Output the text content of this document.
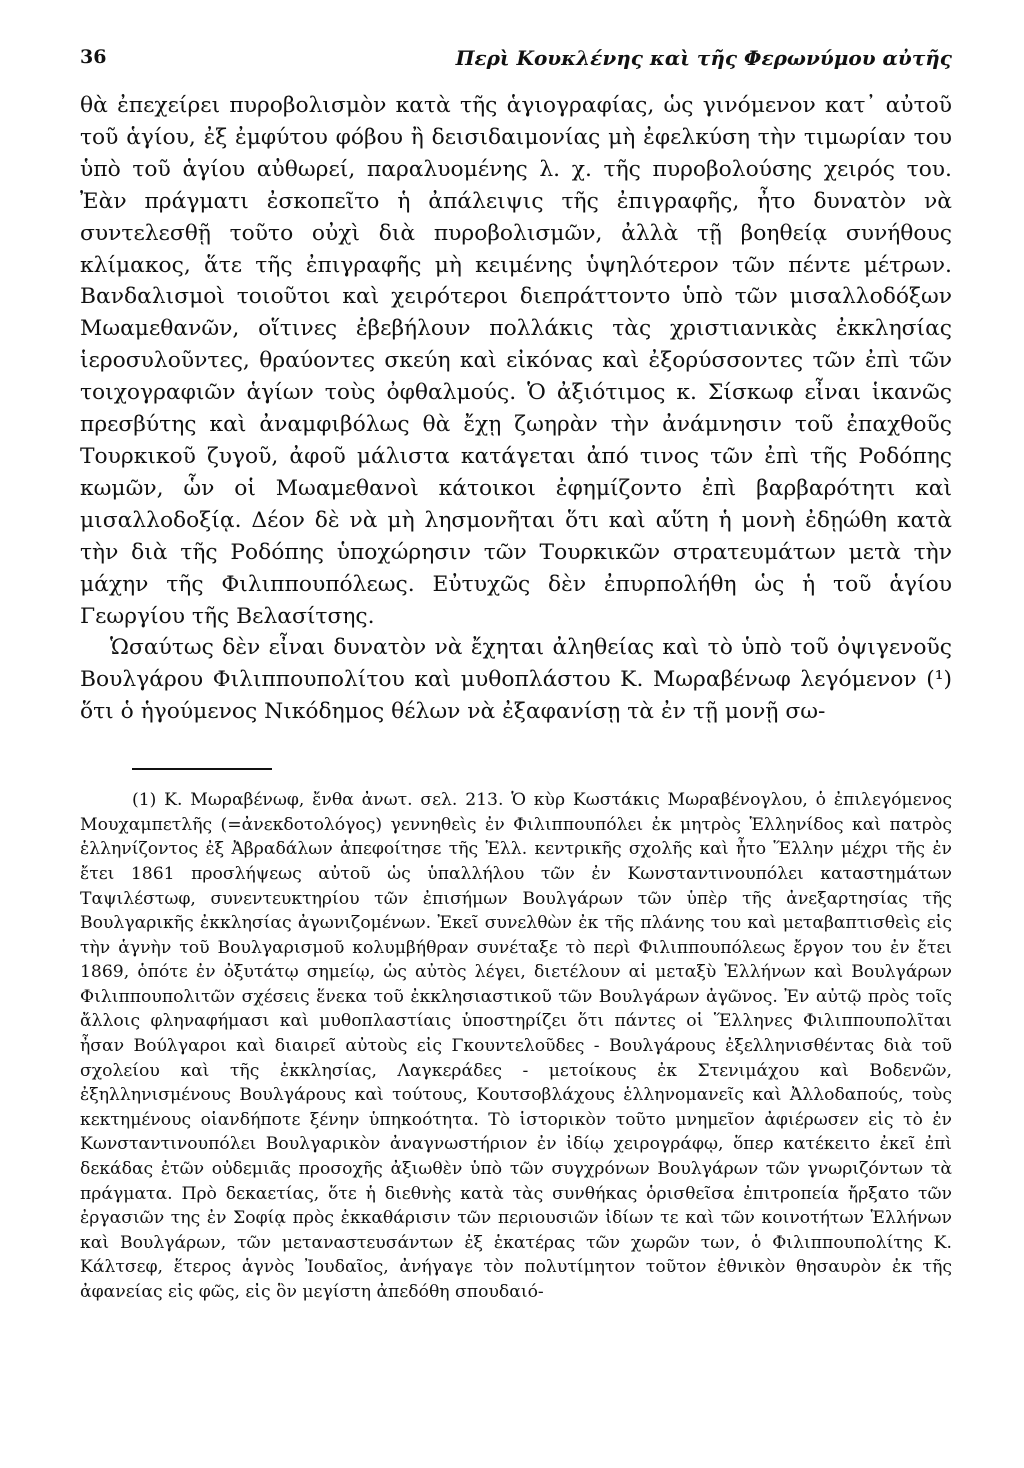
36	Περὶ Κουκλένης καὶ τῆς Φερωνύμου αὐτῆς

θὰ ἐπεχείρει πυροβολισμὸν κατὰ τῆς ἁγιογραφίας, ὡς γινόμενον κατ᾽ αὐτοῦ τοῦ ἁγίου, ἐξ ἐμφύτου φόβου ἢ δεισιδαιμονίας μὴ ἐφελκύση τὴν τιμωρίαν του ὑπὸ τοῦ ἁγίου αὐθωρεί, παραλυομένης λ. χ. τῆς πυροβολούσης χειρός του. Ἐὰν πράγματι ἐσκοπεῖτο ἡ ἀπάλειψις τῆς ἐπιγραφῆς, ἦτο δυνατὸν νὰ συντελεσθῇ τοῦτο οὐχὶ διὰ πυροβολισμῶν, ἀλλὰ τῇ βοηθείᾳ συνήθους κλίμακος, ἅτε τῆς ἐπιγραφῆς μὴ κειμένης ὑψηλότερον τῶν πέντε μέτρων. Βανδαλισμοὶ τοιοῦτοι καὶ χειρότεροι διεπράττοντο ὑπὸ τῶν μισαλλοδόξων Μωαμεθανῶν, οἵτινες ἐβεβήλουν πολλάκις τὰς χριστιανικὰς ἐκκλησίας ἱεροσυλοῦντες, θραύοντες σκεύη καὶ εἰκόνας καὶ ἐξορύσσοντες τῶν ἐπὶ τῶν τοιχογραφιῶν ἁγίων τοὺς ὀφθαλμούς. Ὁ ἀξιότιμος κ. Σίσκωφ εἶναι ἱκανῶς πρεσβύτης καὶ ἀναμφιβόλως θὰ ἔχῃ ζωηρὰν τὴν ἀνάμνησιν τοῦ ἐπαχθοῦς Τουρκικοῦ ζυγοῦ, ἀφοῦ μάλιστα κατάγεται ἀπό τινος τῶν ἐπὶ τῆς Ροδόπης κωμῶν, ὧν οἱ Μωαμεθανοὶ κάτοικοι ἐφημίζοντο ἐπὶ βαρβαρότητι καὶ μισαλλοδοξίᾳ. Δέον δὲ νὰ μὴ λησμονῆται ὅτι καὶ αὕτη ἡ μονὴ ἐδῃώθη κατὰ τὴν διὰ τῆς Ροδόπης ὑποχώρησιν τῶν Τουρκικῶν στρατευμάτων μετὰ τὴν μάχην τῆς Φιλιππουπόλεως. Εὐτυχῶς δὲν ἐπυρπολήθη ὡς ἡ τοῦ ἁγίου Γεωργίου τῆς Βελασίτσης.

Ὡσαύτως δὲν εἶναι δυνατὸν νὰ ἔχηται ἀληθείας καὶ τὸ ὑπὸ τοῦ ὀψιγενοῦς Βουλγάρου Φιλιππουπολίτου καὶ μυθοπλάστου Κ. Μωραβένωφ λεγόμενον (¹) ὅτι ὁ ἡγούμενος Νικόδημος θέλων νὰ ἐξαφανίσῃ τὰ ἐν τῇ μονῇ σω-

(1) Κ. Μωραβένωφ, ἔνθα ἀνωτ. σελ. 213. Ὁ κὺρ Κωστάκις Μωραβένογλου, ὁ ἐπιλεγόμενος Μουχαμπετλῆς (=ἀνεκδοτολόγος) γεννηθεὶς ἐν Φιλιππουπόλει ἐκ μητρὸς Ἑλληνίδος καὶ πατρὸς ἑλληνίζοντος ἐξ Ἀβραδάλων ἀπεφοίτησε τῆς Ἑλλ. κεντρικῆς σχολῆς καὶ ἦτο Ἕλλην μέχρι τῆς ἐν ἔτει 1861 προσλήψεως αὐτοῦ ὡς ὑπαλλήλου τῶν ἐν Κωνσταντινουπόλει καταστημάτων Ταψιλέστωφ, συνεντευκτηρίου τῶν ἐπισήμων Βουλγάρων τῶν ὑπὲρ τῆς ἀνεξαρτησίας τῆς Βουλγαρικῆς ἐκκλησίας ἀγωνιζομένων. Ἐκεῖ συνελθὼν ἐκ τῆς πλάνης του καὶ μεταβαπτισθεὶς εἰς τὴν ἁγνὴν τοῦ Βουλγαρισμοῦ κολυμβήθραν συνέταξε τὸ περὶ Φιλιππουπόλεως ἔργον του ἐν ἔτει 1869, ὁπότε ἐν ὀξυτάτῳ σημείῳ, ὡς αὐτὸς λέγει, διετέλουν αἱ μεταξὺ Ἑλλήνων καὶ Βουλγάρων Φιλιππουπολιτῶν σχέσεις ἕνεκα τοῦ ἐκκλησιαστικοῦ τῶν Βουλγάρων ἀγῶνος. Ἐν αὐτῷ πρὸς τοῖς ἄλλοις φληναφήμασι καὶ μυθοπλαστίαις ὑποστηρίζει ὅτι πάντες οἱ Ἕλληνες Φιλιππουπολῖται ἦσαν Βούλγαροι καὶ διαιρεῖ αὐτοὺς εἰς Γκουντελοῦδες - Βουλγάρους ἐξελληνισθέντας διὰ τοῦ σχολείου καὶ τῆς ἐκκλησίας, Λαγκεράδες - μετοίκους ἐκ Στενιμάχου καὶ Βοδενῶν, ἐξηλληνισμένους Βουλγάρους καὶ τούτους, Κουτσοβλάχους ἑλληνομανεῖς καὶ Ἀλλοδαπούς, τοὺς κεκτημένους οἱανδήποτε ξένην ὑπηκοότητα. Τὸ ἱστορικὸν τοῦτο μνημεῖον ἀφιέρωσεν εἰς τὸ ἐν Κωνσταντινουπόλει Βουλγαρικὸν ἀναγνωστήριον ἐν ἰδίῳ χειρογράφῳ, ὅπερ κατέκειτο ἐκεῖ ἐπὶ δεκάδας ἐτῶν οὐδεμιᾶς προσοχῆς ἀξιωθὲν ὑπὸ τῶν συγχρόνων Βουλγάρων τῶν γνωριζόντων τὰ πράγματα. Πρὸ δεκαετίας, ὅτε ἡ διεθνὴς κατὰ τὰς συνθήκας ὁρισθεῖσα ἐπιτροπεία ἤρξατο τῶν ἐργασιῶν της ἐν Σοφίᾳ πρὸς ἐκκαθάρισιν τῶν περιουσιῶν ἰδίων τε καὶ τῶν κοινοτήτων Ἑλλήνων καὶ Βουλγάρων, τῶν μεταναστευσάντων ἐξ ἑκατέρας τῶν χωρῶν των, ὁ Φιλιππουπολίτης Κ. Κάλτσεφ, ἕτερος ἁγνὸς Ἰουδαῖος, ἀνήγαγε τὸν πολυτίμητον τοῦτον ἐθνικὸν θησαυρὸν ἐκ τῆς ἀφανείας εἰς φῶς, εἰς ὃν μεγίστη ἀπεδόθη σπουδαιό-
